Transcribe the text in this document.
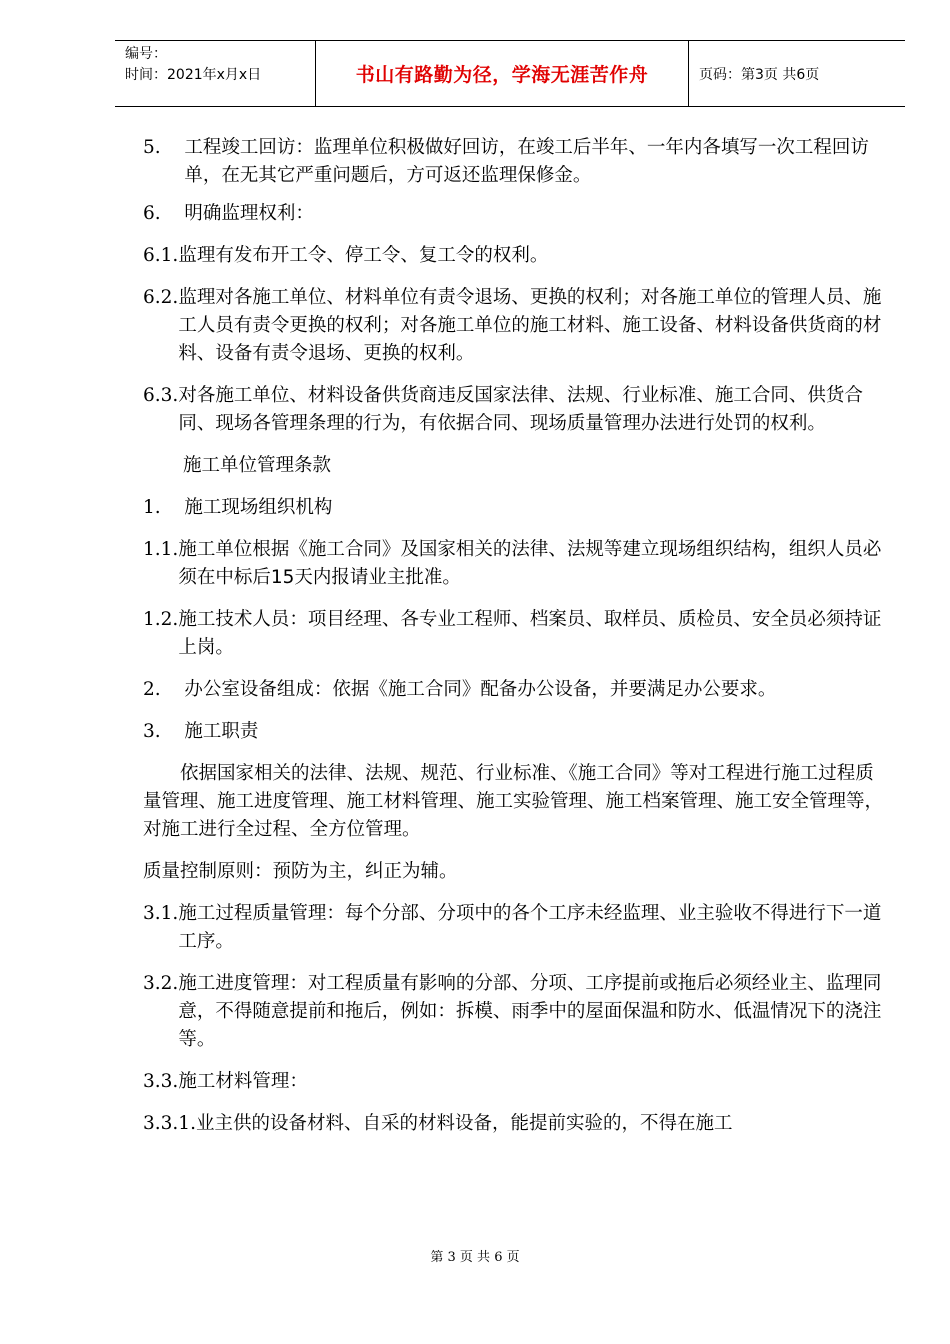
编号：
时间：2021年x月x日	书山有路勤为径，学海无涯苦作舟	页码：第3页 共6页
5. 工程竣工回访：监理单位积极做好回访，在竣工后半年、一年内各填写一次工程回访单，在无其它严重问题后，方可返还监理保修金。
6. 明确监理权利：
6.1. 监理有发布开工令、停工令、复工令的权利。
6.2. 监理对各施工单位、材料单位有责令退场、更换的权利；对各施工单位的管理人员、施工人员有责令更换的权利；对各施工单位的施工材料、施工设备、材料设备供货商的材料、设备有责令退场、更换的权利。
6.3. 对各施工单位、材料设备供货商违反国家法律、法规、行业标准、施工合同、供货合同、现场各管理条理的行为，有依据合同、现场质量管理办法进行处罚的权利。
施工单位管理条款
1. 施工现场组织机构
1.1. 施工单位根据《施工合同》及国家相关的法律、法规等建立现场组织结构，组织人员必须在中标后15天内报请业主批准。
1.2. 施工技术人员：项目经理、各专业工程师、档案员、取样员、质检员、安全员必须持证上岗。
2. 办公室设备组成：依据《施工合同》配备办公设备，并要满足办公要求。
3. 施工职责
依据国家相关的法律、法规、规范、行业标准、《施工合同》等对工程进行施工过程质量管理、施工进度管理、施工材料管理、施工实验管理、施工档案管理、施工安全管理等，对施工进行全过程、全方位管理。
质量控制原则：预防为主，纠正为辅。
3.1. 施工过程质量管理：每个分部、分项中的各个工序未经监理、业主验收不得进行下一道工序。
3.2. 施工进度管理：对工程质量有影响的分部、分项、工序提前或拖后必须经业主、监理同意，不得随意提前和拖后，例如：拆模、雨季中的屋面保温和防水、低温情况下的浇注等。
3.3. 施工材料管理：
3.3.1. 业主供的设备材料、自采的材料设备，能提前实验的，不得在施工
第 3 页 共 6 页
